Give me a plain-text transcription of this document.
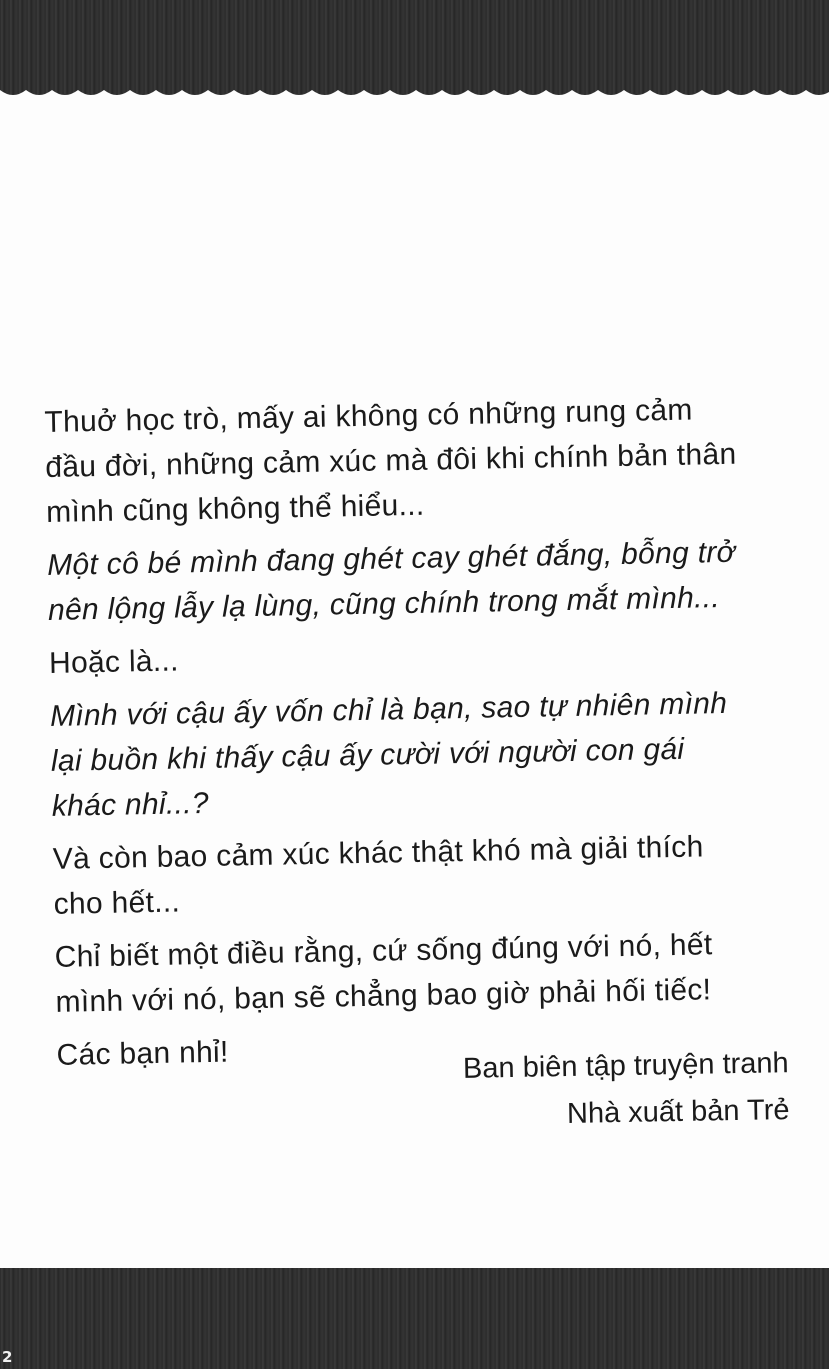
Thuở học trò, mấy ai không có những rung cảm
đầu đời, những cảm xúc mà đôi khi chính bản thân
mình cũng không thể hiểu...
Một cô bé mình đang ghét cay ghét đắng, bỗng trở
nên lộng lẫy lạ lùng, cũng chính trong mắt mình...
Hoặc là...
Mình với cậu ấy vốn chỉ là bạn, sao tự nhiên mình
lại buồn khi thấy cậu ấy cười với người con gái
khác nhỉ...?
Và còn bao cảm xúc khác thật khó mà giải thích
cho hết...
Chỉ biết một điều rằng, cứ sống đúng với nó, hết
mình với nó, bạn sẽ chẳng bao giờ phải hối tiếc!
Các bạn nhỉ!	Ban biên tập truyện tranh
Nhà xuất bản Trẻ
2
